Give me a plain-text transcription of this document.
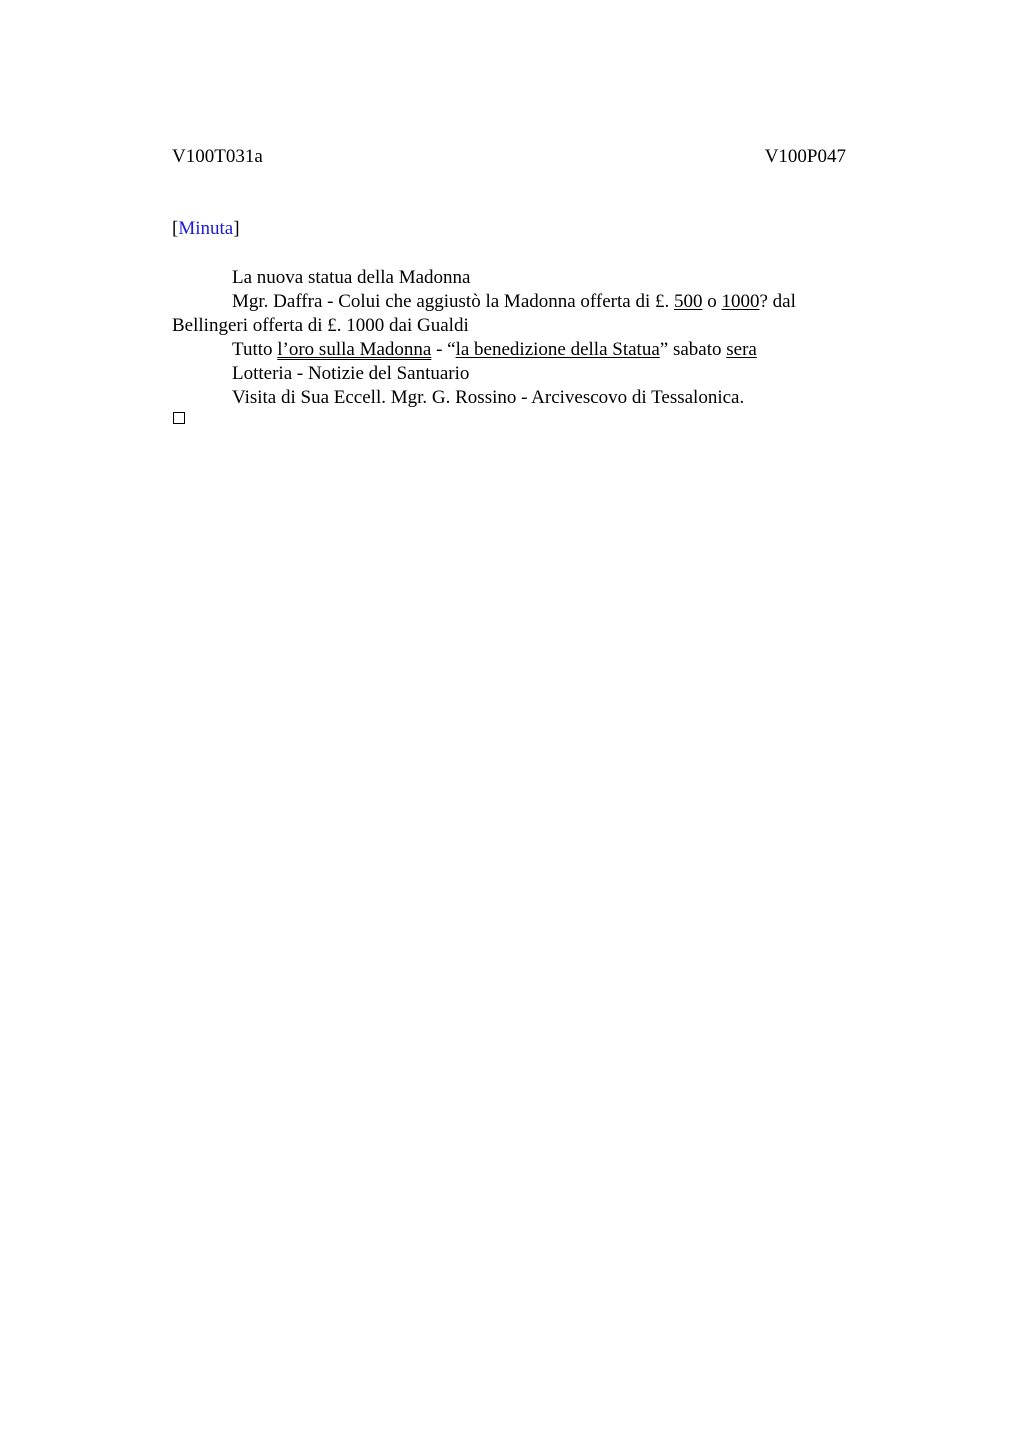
V100T031a	V100P047
[Minuta]

La nuova statua della Madonna

Mgr. Daffra - Colui che aggiustò la Madonna offerta di £. 500 o 1000? dal Bellingeri offerta di £. 1000 dai Gualdi

Tutto l’oro sulla Madonna - “la benedizione della Statua” sabato sera

Lotteria - Notizie del Santuario

Visita di Sua Eccell. Mgr. G. Rossino - Arcivescovo di Tessalonica.
